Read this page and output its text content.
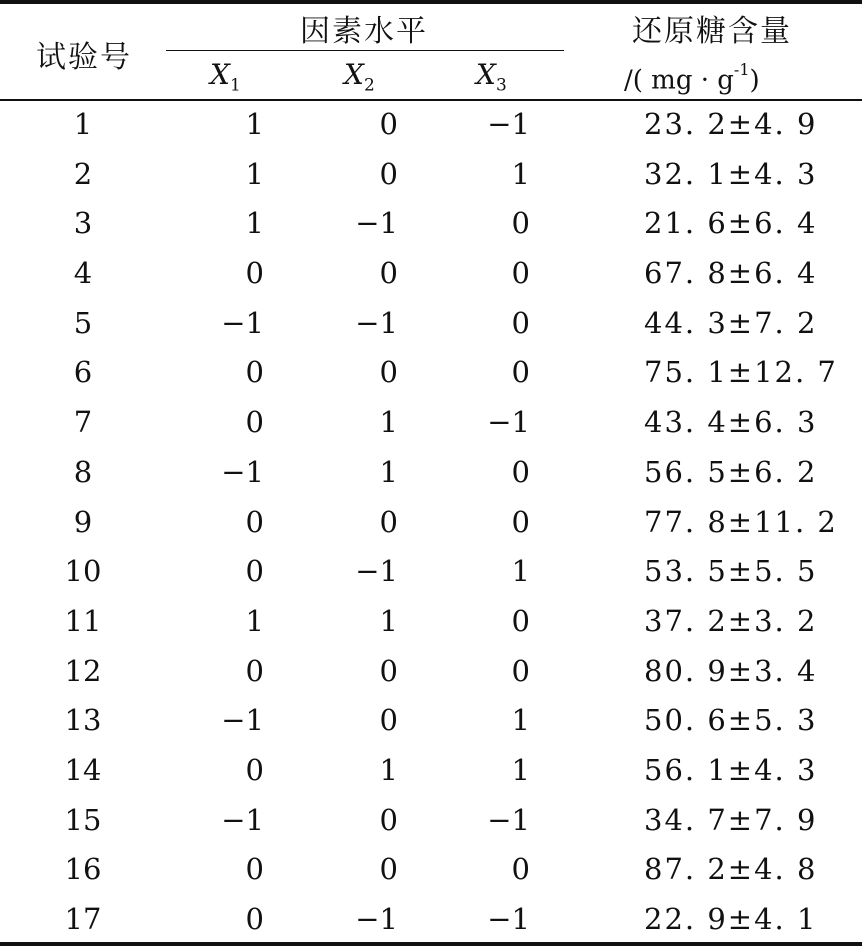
试验号
因素水平	还原糖含量
$X_1$	$X_2$	$X_3$	/( mg · $g^{-1}$)
1	1	0	−1	23. 2±4. 9
2	1	0	1	32. 1±4. 3
3	1	−1	0	21. 6±6. 4
4	0	0	0	67. 8±6. 4
5	−1	−1	0	44. 3±7. 2
6	0	0	0	75. 1±12. 7
7	0	1	−1	43. 4±6. 3
8	−1	1	0	56. 5±6. 2
9	0	0	0	77. 8±11. 2
10	0	−1	1	53. 5±5. 5
11	1	1	0	37. 2±3. 2
12	0	0	0	80. 9±3. 4
13	−1	0	1	50. 6±5. 3
14	0	1	1	56. 1±4. 3
15	−1	0	−1	34. 7±7. 9
16	0	0	0	87. 2±4. 8
17	0	−1	−1	22. 9±4. 1
